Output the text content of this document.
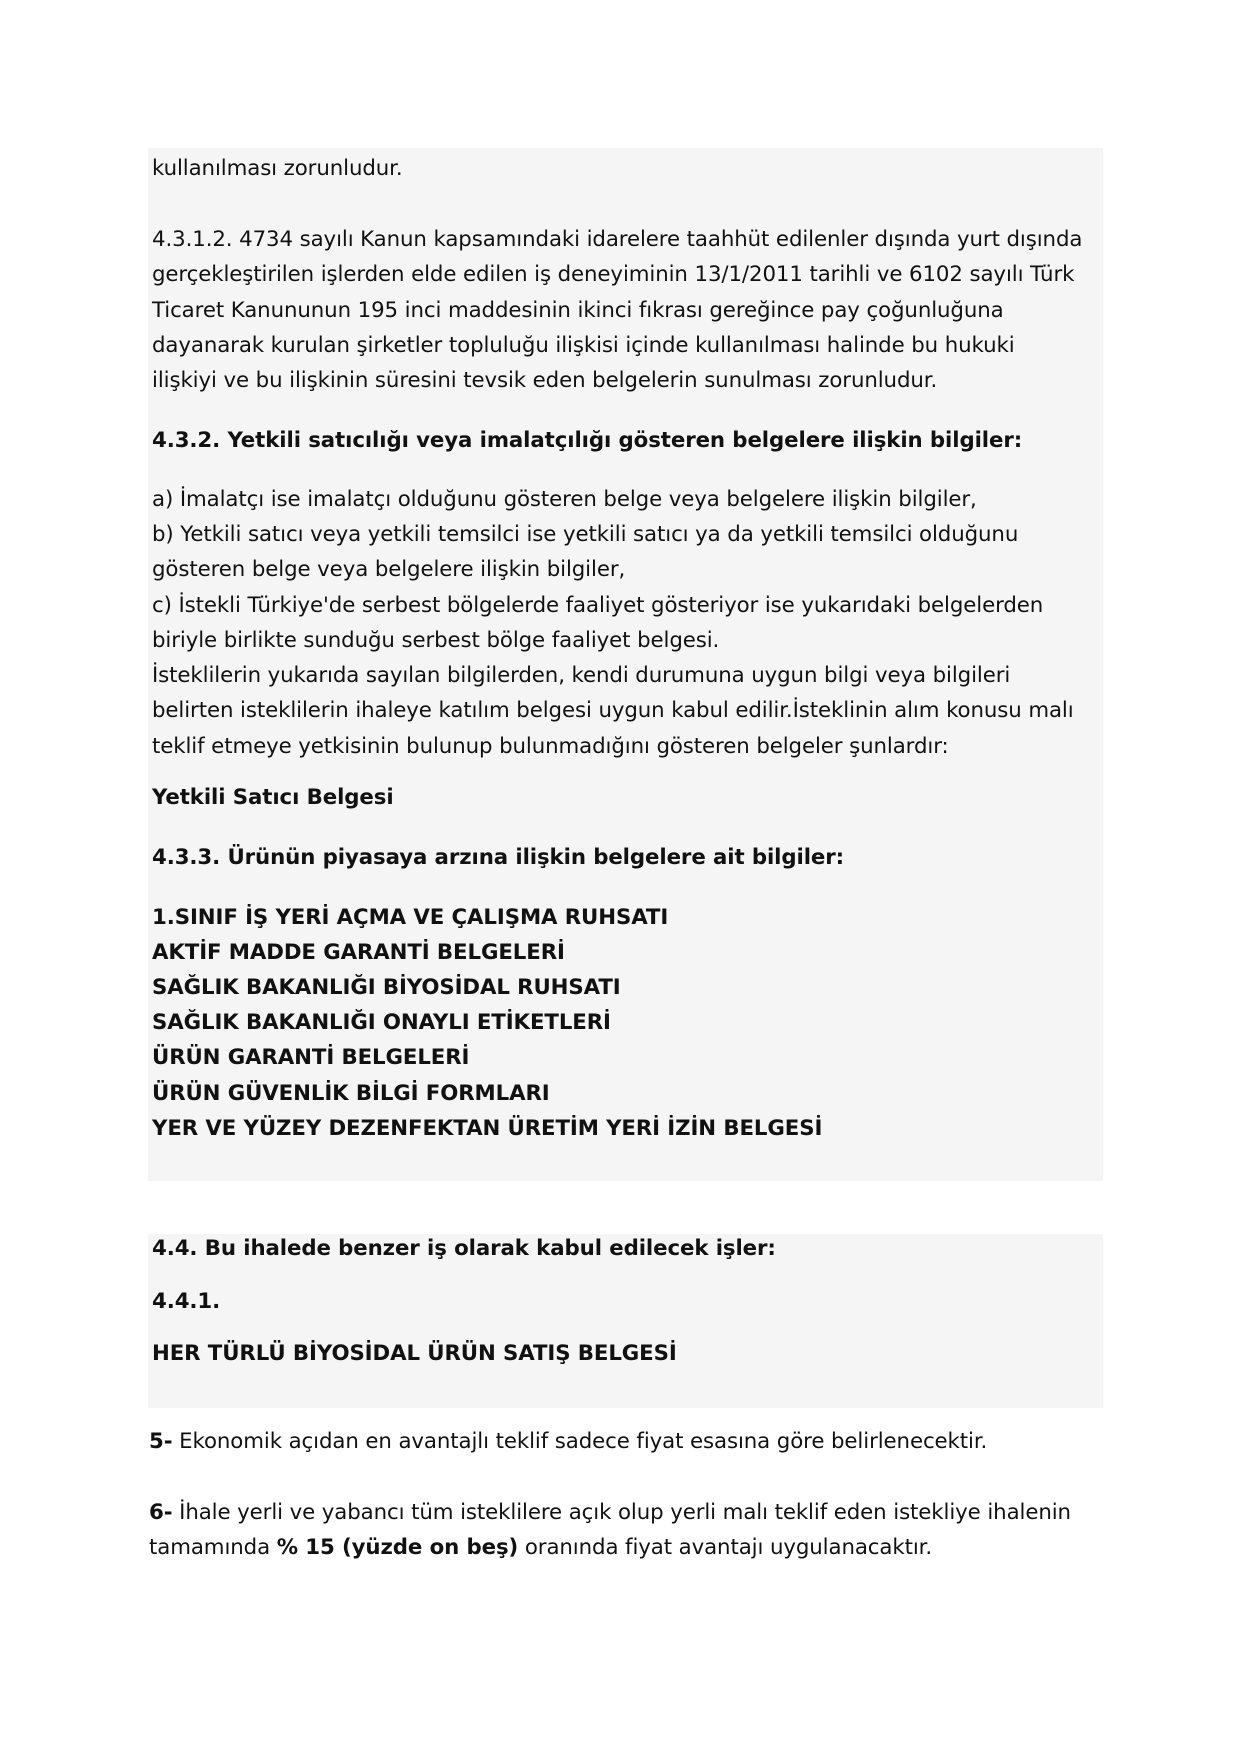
kullanılması zorunludur.
4.3.1.2. 4734 sayılı Kanun kapsamındaki idarelere taahhüt edilenler dışında yurt dışında
gerçekleştirilen işlerden elde edilen iş deneyiminin 13/1/2011 tarihli ve 6102 sayılı Türk
Ticaret Kanununun 195 inci maddesinin ikinci fıkrası gereğince pay çoğunluğuna
dayanarak kurulan şirketler topluluğu ilişkisi içinde kullanılması halinde bu hukuki
ilişkiyi ve bu ilişkinin süresini tevsik eden belgelerin sunulması zorunludur.
4.3.2. Yetkili satıcılığı veya imalatçılığı gösteren belgelere ilişkin bilgiler:
a) İmalatçı ise imalatçı olduğunu gösteren belge veya belgelere ilişkin bilgiler,
b) Yetkili satıcı veya yetkili temsilci ise yetkili satıcı ya da yetkili temsilci olduğunu
gösteren belge veya belgelere ilişkin bilgiler,
c) İstekli Türkiye'de serbest bölgelerde faaliyet gösteriyor ise yukarıdaki belgelerden
biriyle birlikte sunduğu serbest bölge faaliyet belgesi.
İsteklilerin yukarıda sayılan bilgilerden, kendi durumuna uygun bilgi veya bilgileri
belirten isteklilerin ihaleye katılım belgesi uygun kabul edilir.İsteklinin alım konusu malı
teklif etmeye yetkisinin bulunup bulunmadığını gösteren belgeler şunlardır:
Yetkili Satıcı Belgesi
4.3.3. Ürünün piyasaya arzına ilişkin belgelere ait bilgiler:
1.SINIF İŞ YERİ AÇMA VE ÇALIŞMA RUHSATI
AKTİF MADDE GARANTİ BELGELERİ
SAĞLIK BAKANLIĞI BİYOSİDAL RUHSATI
SAĞLIK BAKANLIĞI ONAYLI ETİKETLERİ
ÜRÜN GARANTİ BELGELERİ
ÜRÜN GÜVENLİK BİLGİ FORMLARI
YER VE YÜZEY DEZENFEKTAN ÜRETİM YERİ İZİN BELGESİ
4.4. Bu ihalede benzer iş olarak kabul edilecek işler:
4.4.1.
HER TÜRLÜ BİYOSİDAL ÜRÜN SATIŞ BELGESİ
5- Ekonomik açıdan en avantajlı teklif sadece fiyat esasına göre belirlenecektir.
6- İhale yerli ve yabancı tüm isteklilere açık olup yerli malı teklif eden istekliye ihalenin
tamamında % 15 (yüzde on beş) oranında fiyat avantajı uygulanacaktır.
